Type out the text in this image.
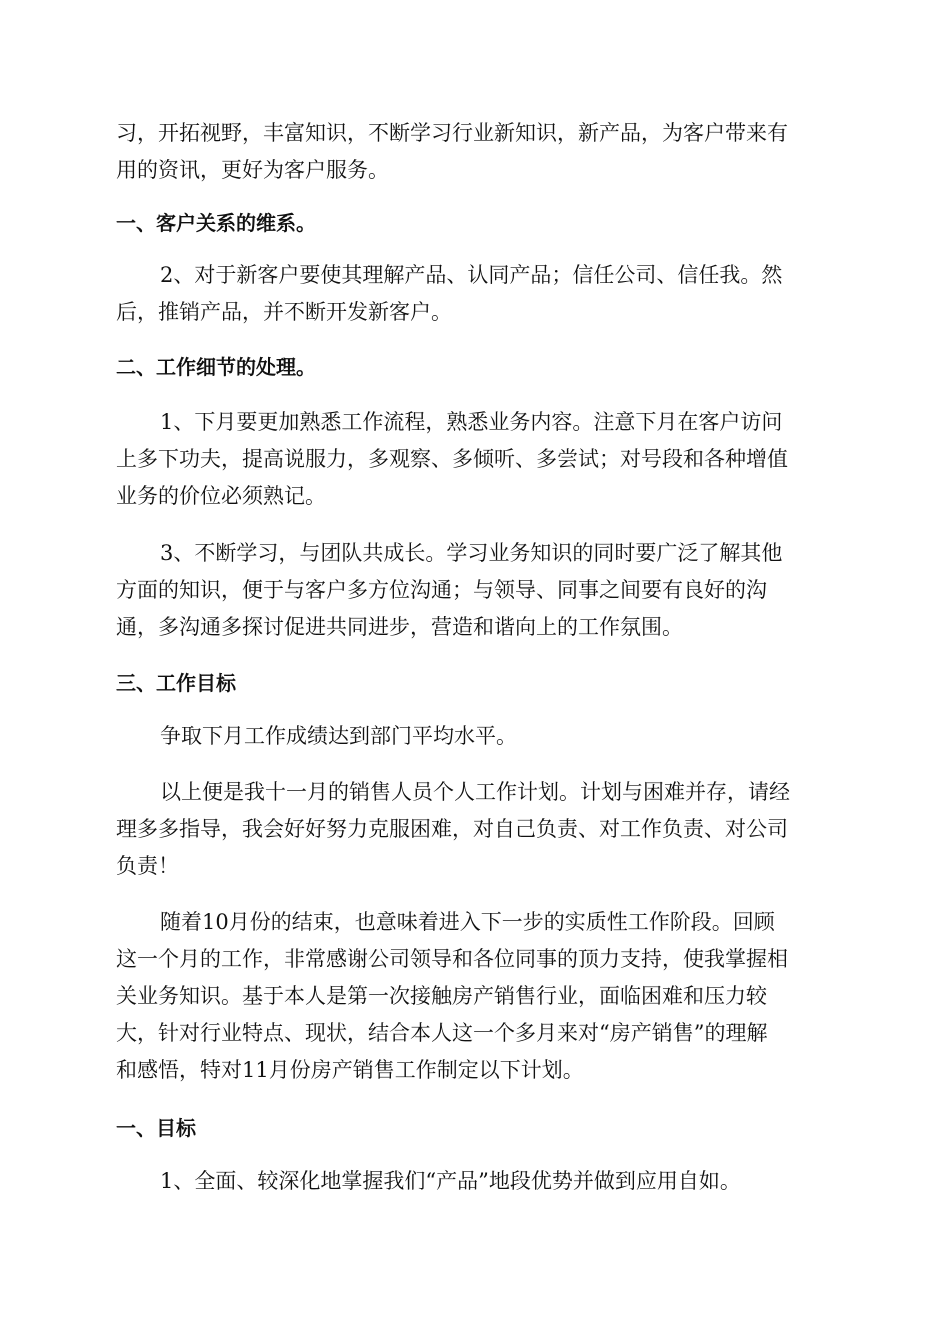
习，开拓视野，丰富知识，不断学习行业新知识，新产品，为客户带来有
用的资讯，更好为客户服务。

一、客户关系的维系。

2、对于新客户要使其理解产品、认同产品；信任公司、信任我。然
后，推销产品，并不断开发新客户。

二、工作细节的处理。

1、下月要更加熟悉工作流程，熟悉业务内容。注意下月在客户访问
上多下功夫，提高说服力，多观察、多倾听、多尝试；对号段和各种增值
业务的价位必须熟记。

3、不断学习，与团队共成长。学习业务知识的同时要广泛了解其他
方面的知识，便于与客户多方位沟通；与领导、同事之间要有良好的沟
通，多沟通多探讨促进共同进步，营造和谐向上的工作氛围。

三、工作目标

争取下月工作成绩达到部门平均水平。

以上便是我十一月的销售人员个人工作计划。计划与困难并存，请经
理多多指导，我会好好努力克服困难，对自己负责、对工作负责、对公司
负责！

随着10月份的结束，也意味着进入下一步的实质性工作阶段。回顾
这一个月的工作，非常感谢公司领导和各位同事的顶力支持，使我掌握相
关业务知识。基于本人是第一次接触房产销售行业，面临困难和压力较
大，针对行业特点、现状，结合本人这一个多月来对“房产销售”的理解
和感悟，特对11月份房产销售工作制定以下计划。

一、目标

1、全面、较深化地掌握我们“产品”地段优势并做到应用自如。
